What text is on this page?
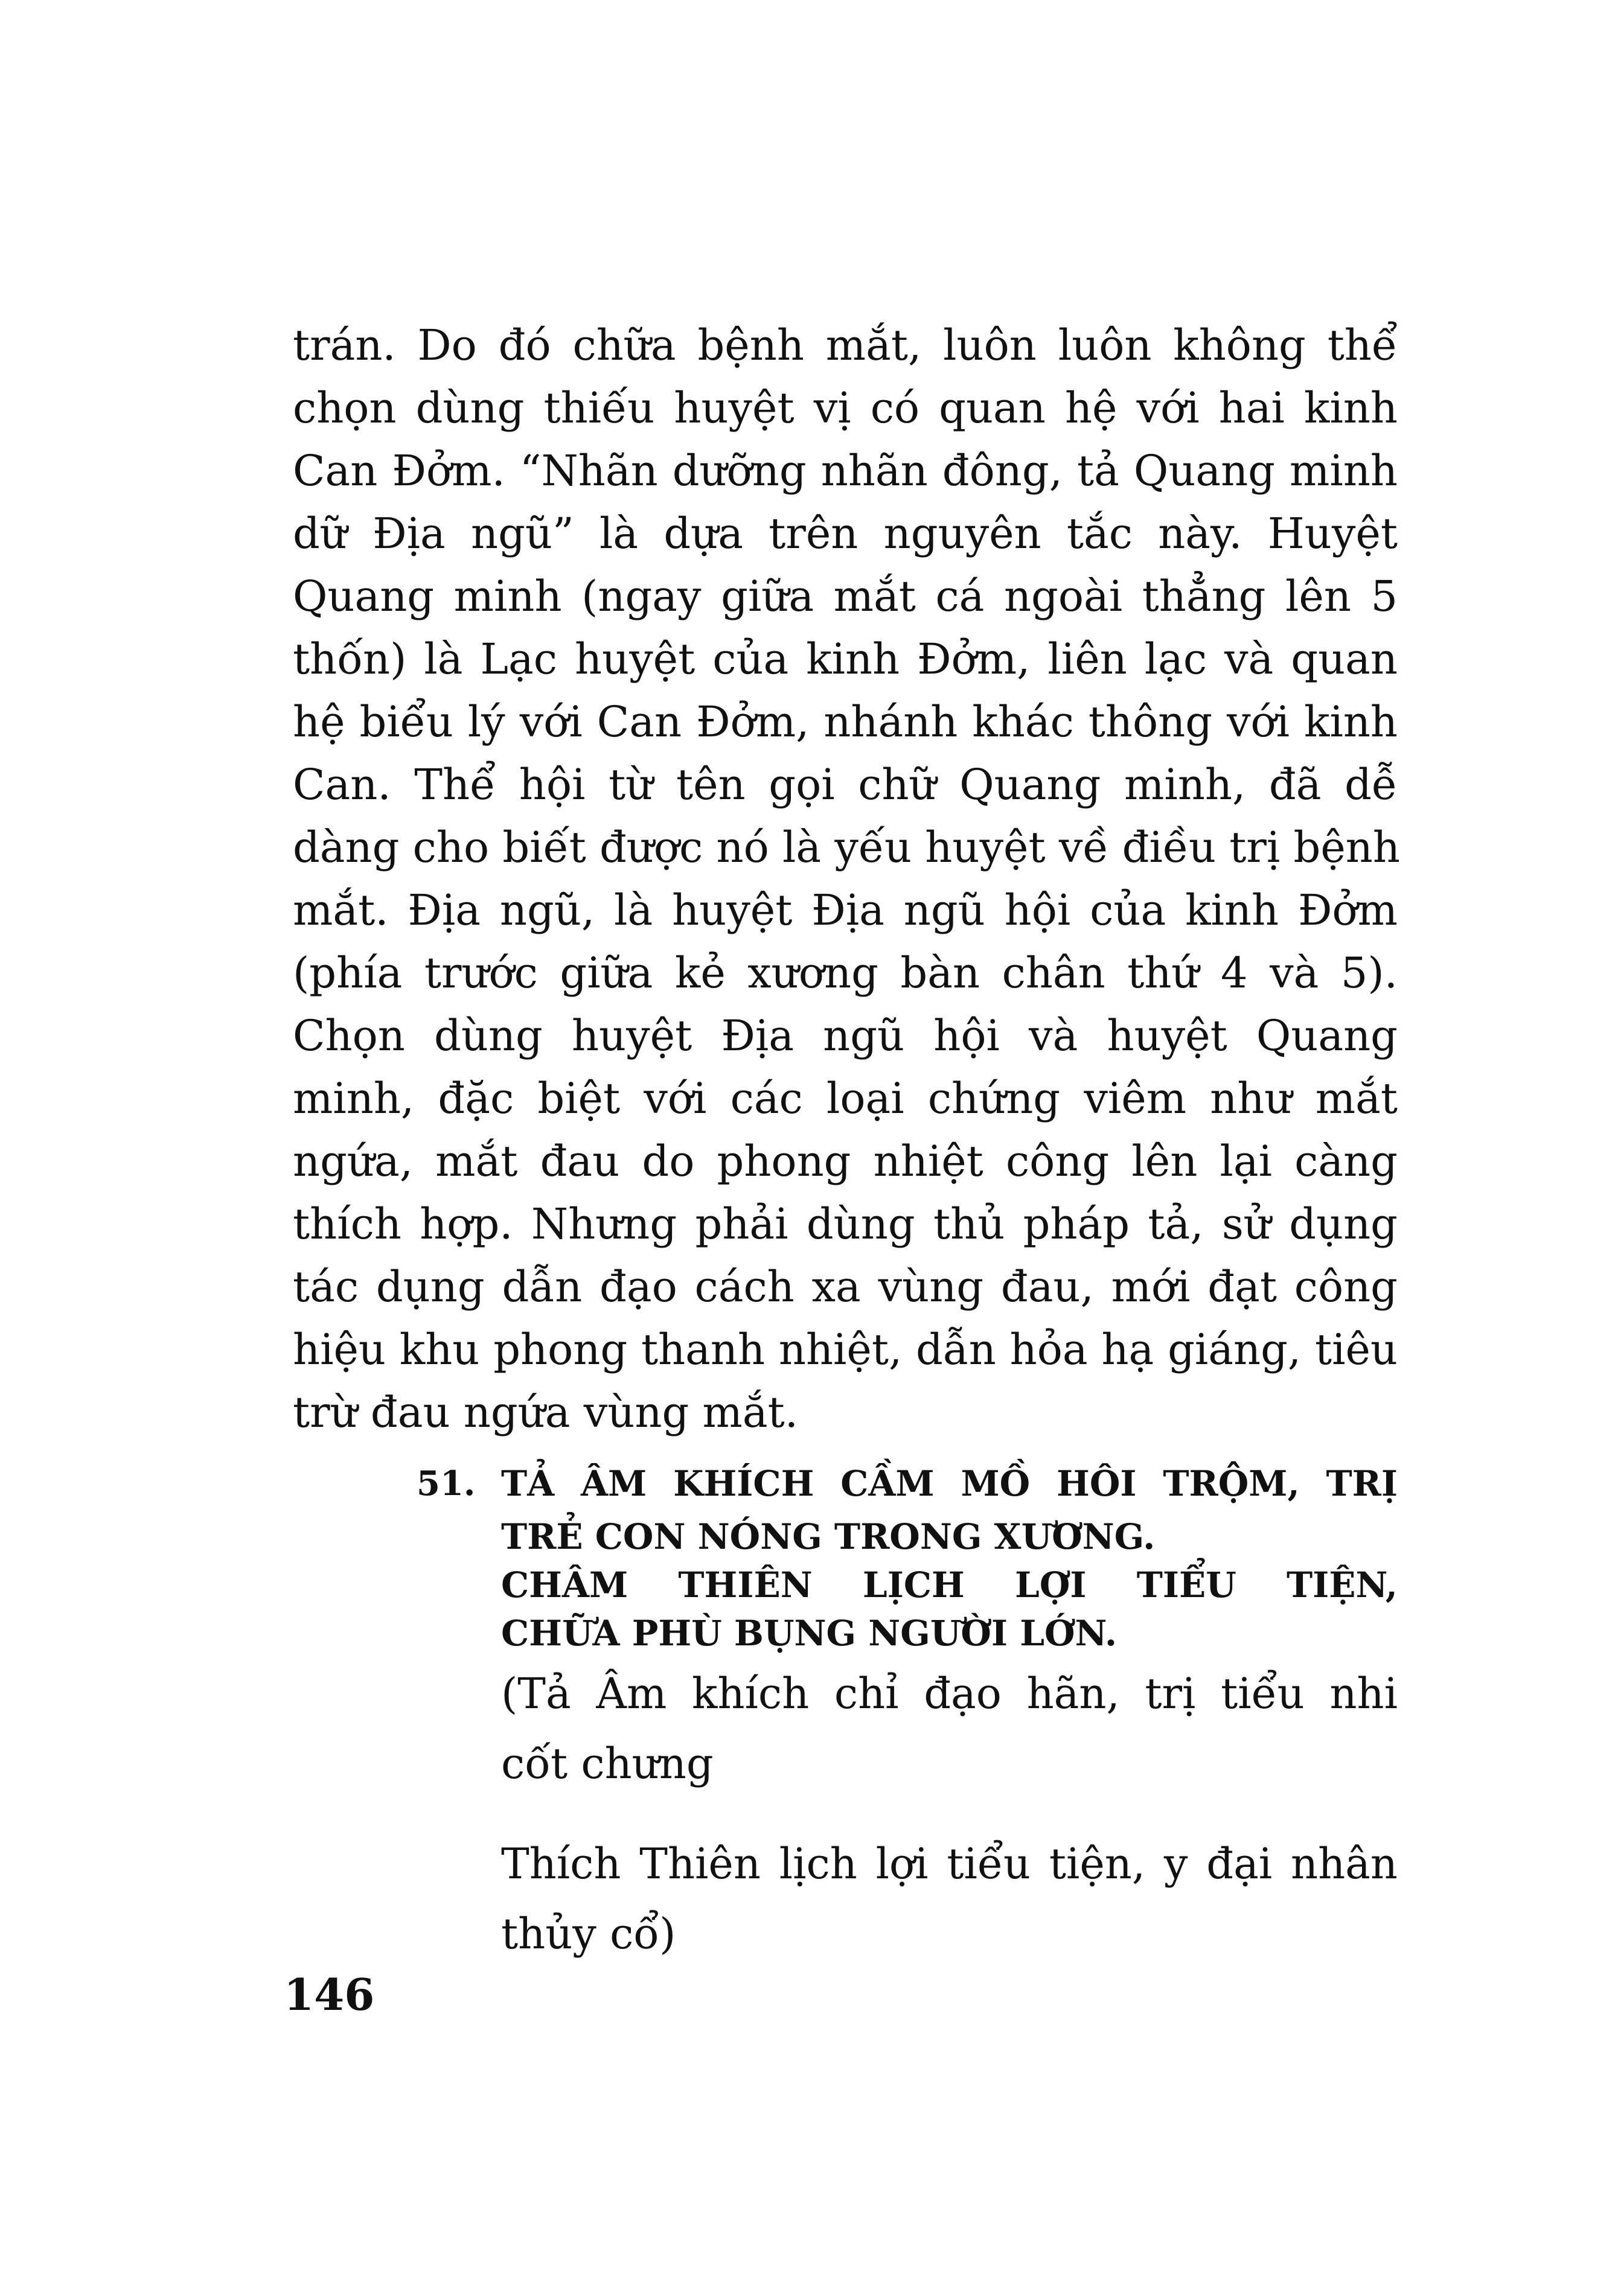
trán. Do đó chữa bệnh mắt, luôn luôn không thể
chọn dùng thiếu huyệt vị có quan hệ với hai kinh
Can Đởm. “Nhãn dưỡng nhãn đông, tả Quang minh
dữ Địa ngũ” là dựa trên nguyên tắc này. Huyệt
Quang minh (ngay giữa mắt cá ngoài thẳng lên 5
thốn) là Lạc huyệt của kinh Đởm, liên lạc và quan
hệ biểu lý với Can Đởm, nhánh khác thông với kinh
Can. Thể hội từ tên gọi chữ Quang minh, đã dễ
dàng cho biết được nó là yếu huyệt về điều trị bệnh
mắt. Địa ngũ, là huyệt Địa ngũ hội của kinh Đởm
(phía trước giữa kẻ xương bàn chân thứ 4 và 5).
Chọn dùng huyệt Địa ngũ hội và huyệt Quang
minh, đặc biệt với các loại chứng viêm như mắt
ngứa, mắt đau do phong nhiệt công lên lại càng
thích hợp. Nhưng phải dùng thủ pháp tả, sử dụng
tác dụng dẫn đạo cách xa vùng đau, mới đạt công
hiệu khu phong thanh nhiệt, dẫn hỏa hạ giáng, tiêu
trừ đau ngứa vùng mắt.
51. TẢ ÂM KHÍCH CẦM MỒ HÔI TRỘM, TRỊ
TRẺ CON NÓNG TRONG XƯƠNG.
CHÂM THIÊN LỊCH LỢI TIỂU TIỆN,
CHỮA PHÙ BỤNG NGƯỜI LỚN.
(Tả Âm khích chỉ đạo hãn, trị tiểu nhi
cốt chưng
Thích Thiên lịch lợi tiểu tiện, y đại nhân
thủy cổ)
146
